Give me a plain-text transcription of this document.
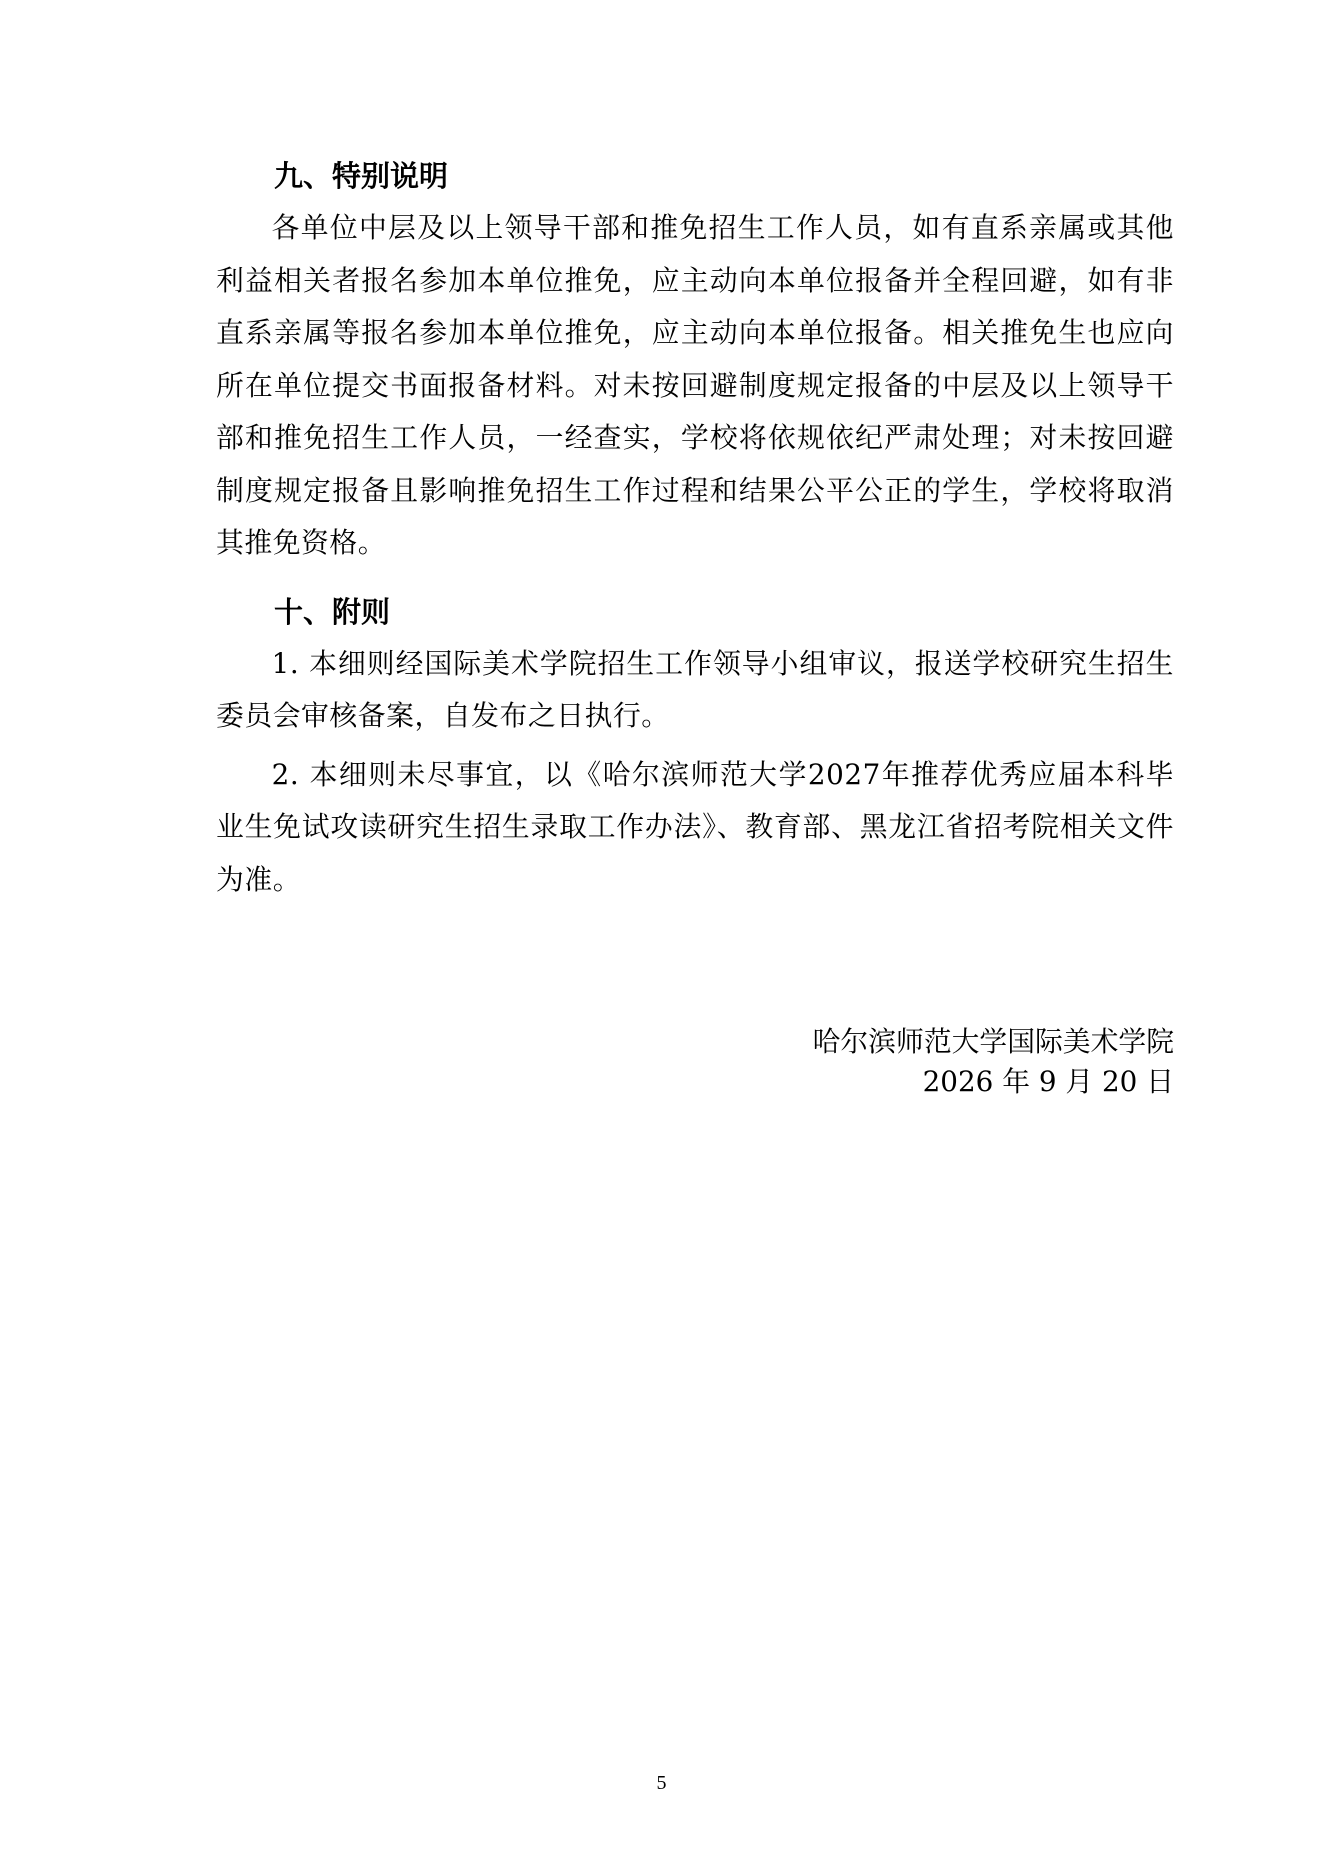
九、特别说明

各单位中层及以上领导干部和推免招生工作人员，如有直系亲属或其他利益相关者报名参加本单位推免，应主动向本单位报备并全程回避，如有非直系亲属等报名参加本单位推免，应主动向本单位报备。相关推免生也应向所在单位提交书面报备材料。对未按回避制度规定报备的中层及以上领导干部和推免招生工作人员，一经查实，学校将依规依纪严肃处理；对未按回避制度规定报备且影响推免招生工作过程和结果公平公正的学生，学校将取消其推免资格。

十、附则

1. 本细则经国际美术学院招生工作领导小组审议，报送学校研究生招生委员会审核备案，自发布之日执行。

2. 本细则未尽事宜，以《哈尔滨师范大学2027年推荐优秀应届本科毕业生免试攻读研究生招生录取工作办法》、教育部、黑龙江省招考院相关文件为准。

哈尔滨师范大学国际美术学院
2026 年 9 月 20 日
5
